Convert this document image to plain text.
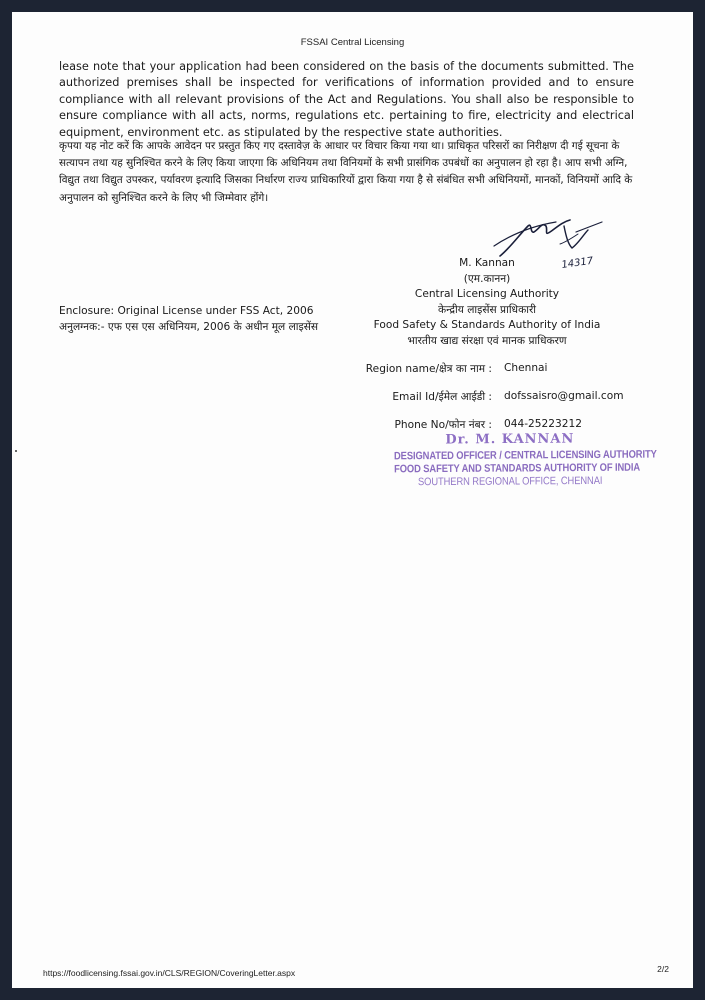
FSSAI Central Licensing

lease note that your application had been considered on the basis of the documents submitted. The authorized premises shall be inspected for verifications of information provided and to ensure compliance with all relevant provisions of the Act and Regulations. You shall also be responsible to ensure compliance with all acts, norms, regulations etc. pertaining to fire, electricity and electrical equipment, environment etc. as stipulated by the respective state authorities.

कृपया यह नोट करें कि आपके आवेदन पर प्रस्तुत किए गए दस्तावेज़ के आधार पर विचार किया गया था। प्राधिकृत परिसरों का निरीक्षण दी गई सूचना के सत्यापन तथा यह सुनिश्चित करने के लिए किया जाएगा कि अधिनियम तथा विनियमों के सभी प्रासंगिक उपबंधों का अनुपालन हो रहा है। आप सभी अग्नि, विद्युत तथा विद्युत उपस्कर, पर्यावरण इत्यादि जिसका निर्धारण राज्य प्राधिकारियों द्वारा किया गया है से संबंधित सभी अधिनियमों, मानकों, विनियमों आदि के अनुपालन को सुनिश्चित करने के लिए भी जिम्मेवार होंगे।

14317
M. Kannan
(एम.कानन)
Central Licensing Authority
केन्द्रीय लाइसेंस प्राधिकारी
Food Safety & Standards Authority of India
भारतीय खाद्य संरक्षा एवं मानक प्राधिकरण
Enclosure: Original License under FSS Act, 2006
अनुलग्नक:- एफ एस एस अधिनियम, 2006 के अधीन मूल लाइसेंस
Region name/क्षेत्र का नाम : Chennai
Email Id/ईमेल आईडी : dofssaisro@gmail.com
Phone No/फोन नंबर : 044-25223212
Dr. M. KANNAN
DESIGNATED OFFICER / CENTRAL LICENSING AUTHORITY
FOOD SAFETY AND STANDARDS AUTHORITY OF INDIA
SOUTHERN REGIONAL OFFICE, CHENNAI
https://foodlicensing.fssai.gov.in/CLS/REGION/CoveringLetter.aspx	2/2
